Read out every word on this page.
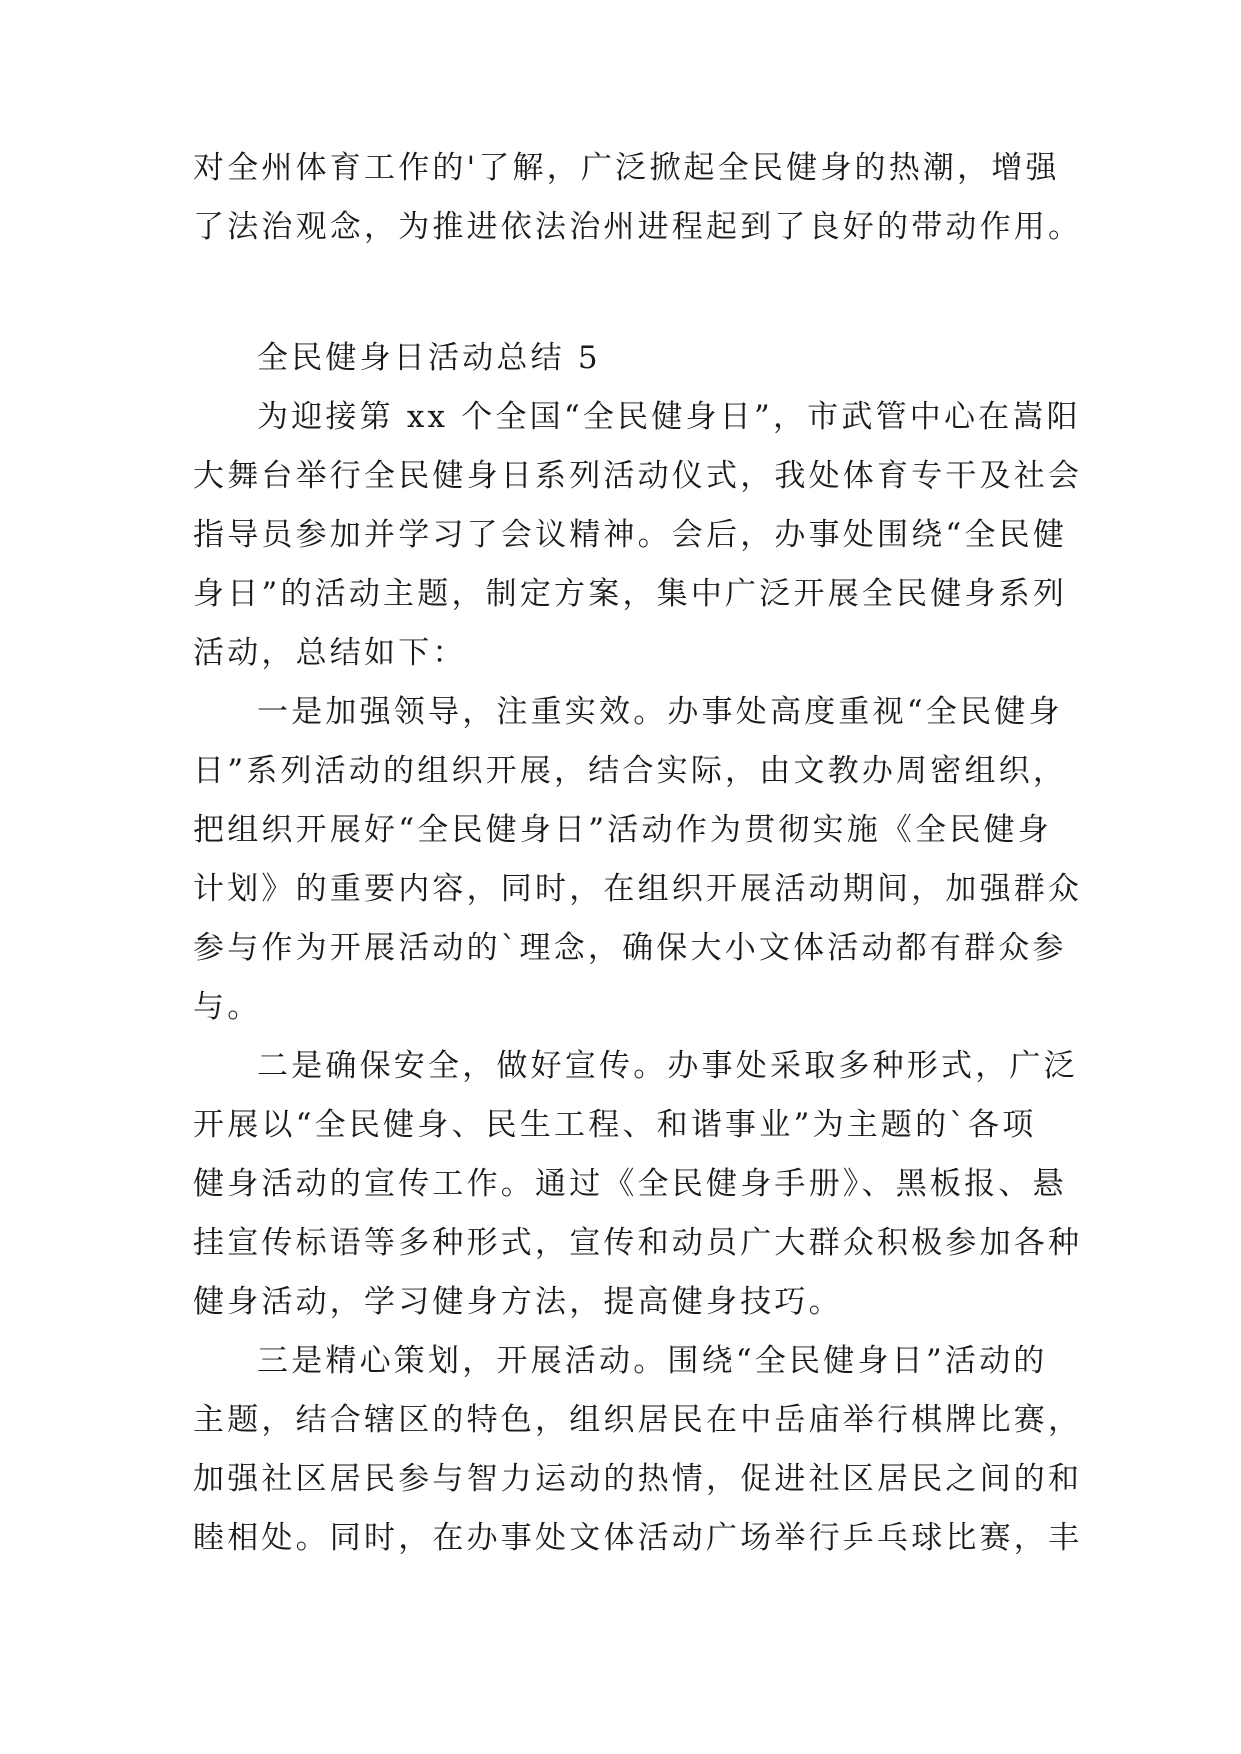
对全州体育工作的'了解，广泛掀起全民健身的热潮，增强

了法治观念，为推进依法治州进程起到了良好的带动作用。

全民健身日活动总结 5

为迎接第 xx 个全国“全民健身日”，市武管中心在嵩阳

大舞台举行全民健身日系列活动仪式，我处体育专干及社会

指导员参加并学习了会议精神。会后，办事处围绕“全民健

身日”的活动主题，制定方案，集中广泛开展全民健身系列

活动，总结如下：

一是加强领导，注重实效。办事处高度重视“全民健身

日”系列活动的组织开展，结合实际，由文教办周密组织，

把组织开展好“全民健身日”活动作为贯彻实施《全民健身

计划》的重要内容，同时，在组织开展活动期间，加强群众

参与作为开展活动的`理念，确保大小文体活动都有群众参

与。

二是确保安全，做好宣传。办事处采取多种形式，广泛

开展以“全民健身、民生工程、和谐事业”为主题的`各项

健身活动的宣传工作。通过《全民健身手册》、黑板报、悬

挂宣传标语等多种形式，宣传和动员广大群众积极参加各种

健身活动，学习健身方法，提高健身技巧。

三是精心策划，开展活动。围绕“全民健身日”活动的

主题，结合辖区的特色，组织居民在中岳庙举行棋牌比赛，

加强社区居民参与智力运动的热情，促进社区居民之间的和

睦相处。同时，在办事处文体活动广场举行乒乓球比赛，丰
